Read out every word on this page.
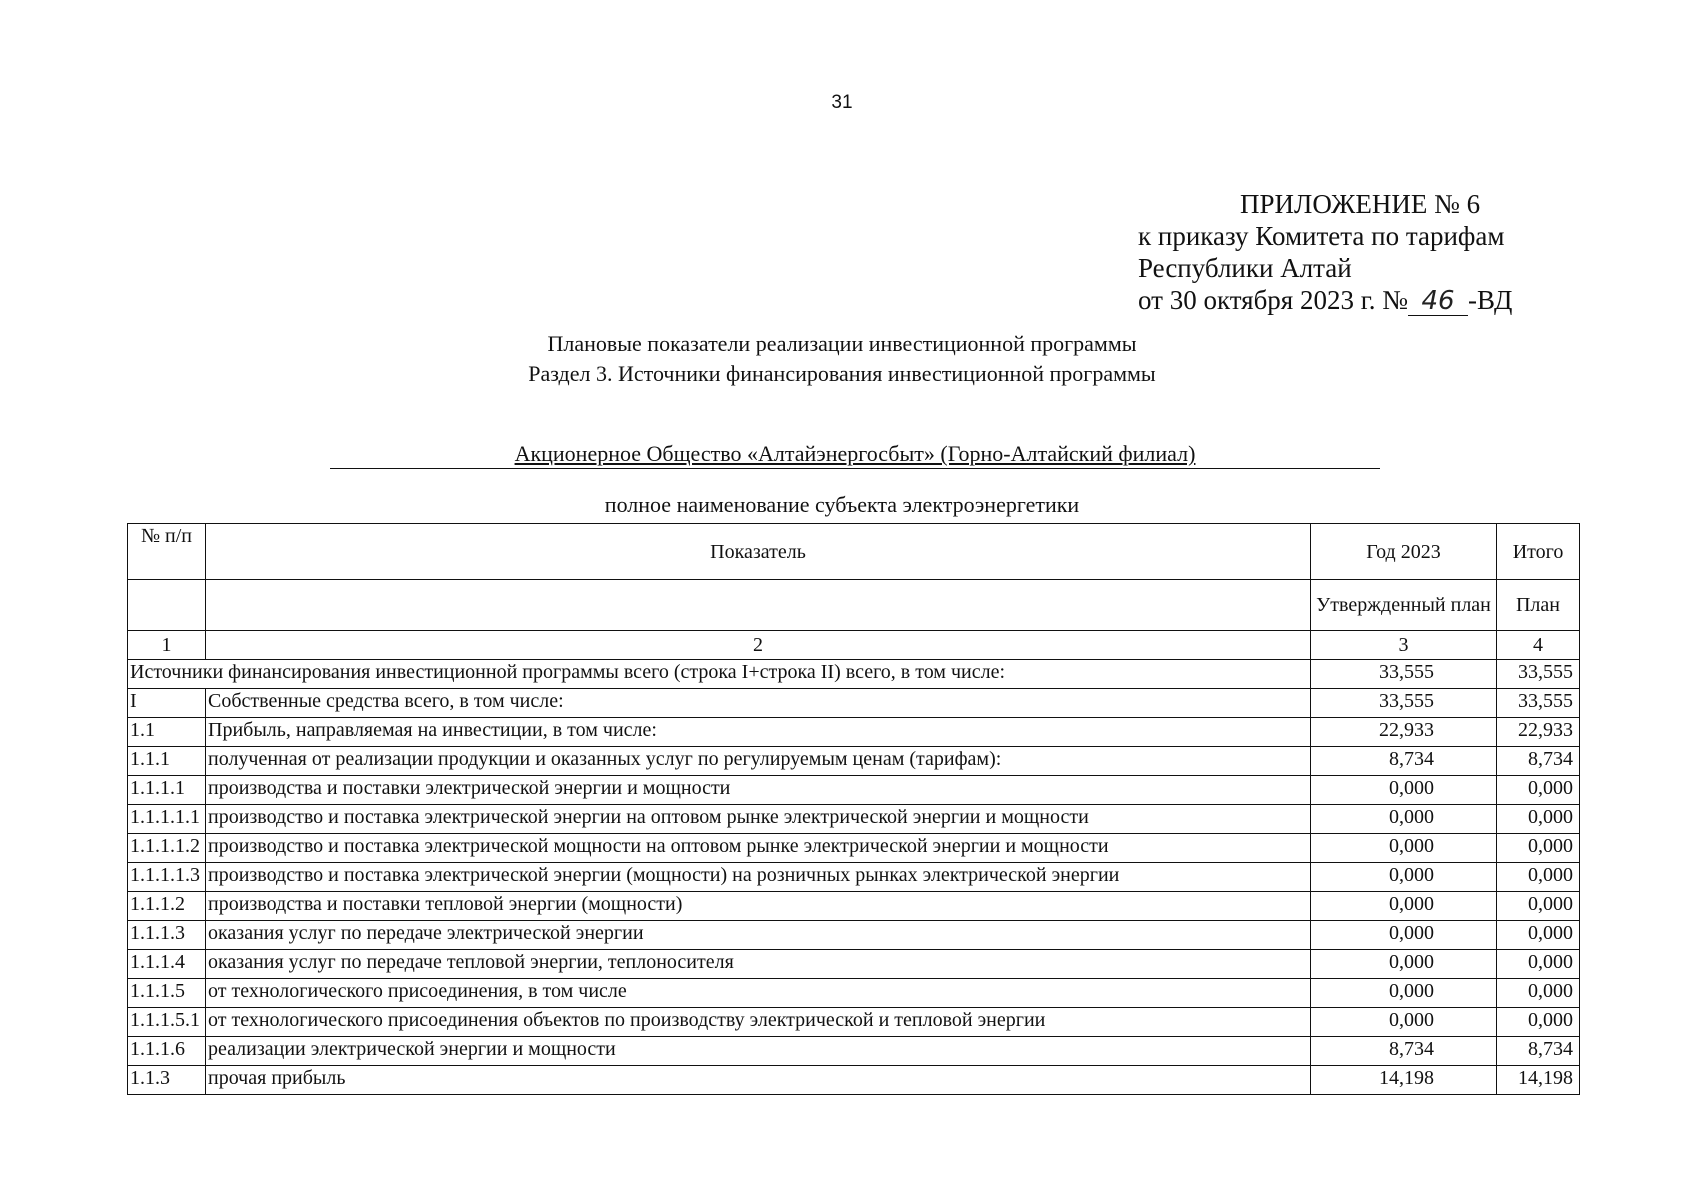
31
ПРИЛОЖЕНИЕ № 6
к приказу Комитета по тарифам
Республики Алтай
от 30 октября 2023 г. № 46 -ВД
Плановые показатели реализации инвестиционной программы
Раздел 3. Источники финансирования инвестиционной программы
Акционерное Общество «Алтайэнергосбыт» (Горно-Алтайский филиал)
полное наименование субъекта электроэнергетики
№ п/п	Показатель	Год 2023	Итого
		Утвержденный план	План
1	2	3	4
Источники финансирования инвестиционной программы всего (строка I+строка II) всего, в том числе:		33,555	33,555
I	Собственные средства всего, в том числе:	33,555	33,555
1.1	Прибыль, направляемая на инвестиции, в том числе:	22,933	22,933
1.1.1	полученная от реализации продукции и оказанных услуг по регулируемым ценам (тарифам):	8,734	8,734
1.1.1.1	производства и поставки электрической энергии и мощности	0,000	0,000
1.1.1.1.1	производство и поставка электрической энергии на оптовом рынке электрической энергии и мощности	0,000	0,000
1.1.1.1.2	производство и поставка электрической мощности на оптовом рынке электрической энергии и мощности	0,000	0,000
1.1.1.1.3	производство и поставка электрической энергии (мощности) на розничных рынках электрической энергии	0,000	0,000
1.1.1.2	производства и поставки тепловой энергии (мощности)	0,000	0,000
1.1.1.3	оказания услуг по передаче электрической энергии	0,000	0,000
1.1.1.4	оказания услуг по передаче тепловой энергии, теплоносителя	0,000	0,000
1.1.1.5	от технологического присоединения, в том числе	0,000	0,000
1.1.1.5.1	от технологического присоединения объектов по производству электрической и тепловой энергии	0,000	0,000
1.1.1.6	реализации электрической энергии и мощности	8,734	8,734
1.1.3	прочая прибыль	14,198	14,198
